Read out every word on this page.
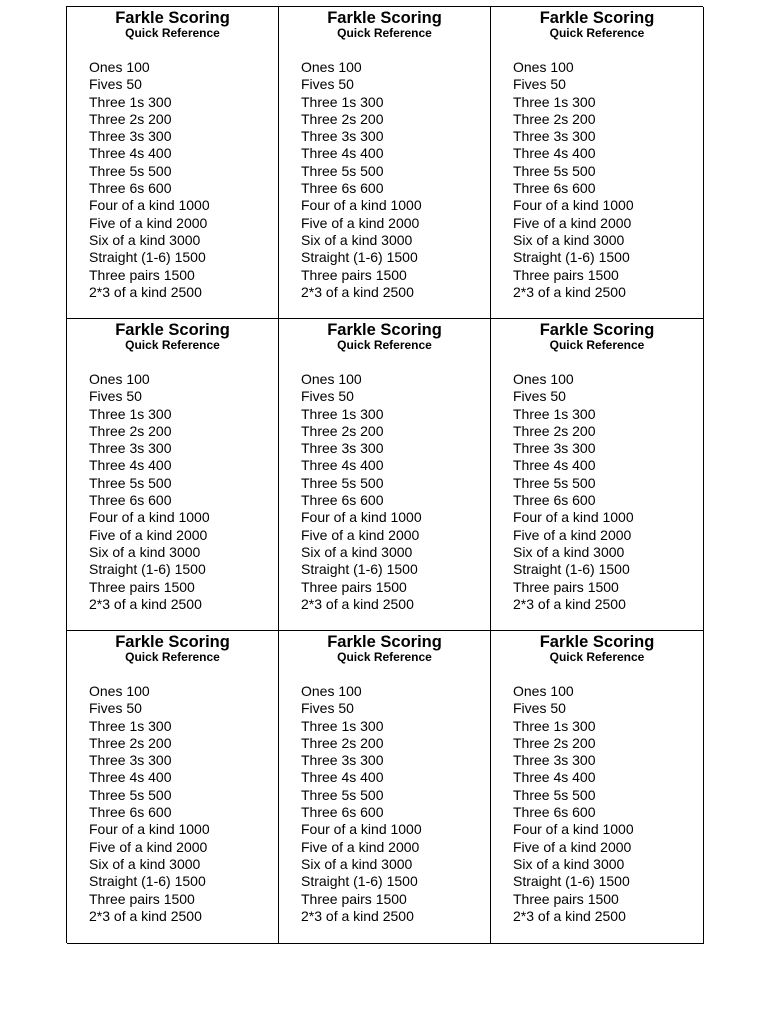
Farkle Scoring
Quick Reference
Ones 100
Fives 50
Three 1s 300
Three 2s 200
Three 3s 300
Three 4s 400
Three 5s 500
Three 6s 600
Four of a kind 1000
Five of a kind 2000
Six of a kind 3000
Straight (1-6) 1500
Three pairs 1500
2*3 of a kind 2500
Farkle Scoring
Quick Reference
Ones 100
Fives 50
Three 1s 300
Three 2s 200
Three 3s 300
Three 4s 400
Three 5s 500
Three 6s 600
Four of a kind 1000
Five of a kind 2000
Six of a kind 3000
Straight (1-6) 1500
Three pairs 1500
2*3 of a kind 2500
Farkle Scoring
Quick Reference
Ones 100
Fives 50
Three 1s 300
Three 2s 200
Three 3s 300
Three 4s 400
Three 5s 500
Three 6s 600
Four of a kind 1000
Five of a kind 2000
Six of a kind 3000
Straight (1-6) 1500
Three pairs 1500
2*3 of a kind 2500
Farkle Scoring
Quick Reference
Ones 100
Fives 50
Three 1s 300
Three 2s 200
Three 3s 300
Three 4s 400
Three 5s 500
Three 6s 600
Four of a kind 1000
Five of a kind 2000
Six of a kind 3000
Straight (1-6) 1500
Three pairs 1500
2*3 of a kind 2500
Farkle Scoring
Quick Reference
Ones 100
Fives 50
Three 1s 300
Three 2s 200
Three 3s 300
Three 4s 400
Three 5s 500
Three 6s 600
Four of a kind 1000
Five of a kind 2000
Six of a kind 3000
Straight (1-6) 1500
Three pairs 1500
2*3 of a kind 2500
Farkle Scoring
Quick Reference
Ones 100
Fives 50
Three 1s 300
Three 2s 200
Three 3s 300
Three 4s 400
Three 5s 500
Three 6s 600
Four of a kind 1000
Five of a kind 2000
Six of a kind 3000
Straight (1-6) 1500
Three pairs 1500
2*3 of a kind 2500
Farkle Scoring
Quick Reference
Ones 100
Fives 50
Three 1s 300
Three 2s 200
Three 3s 300
Three 4s 400
Three 5s 500
Three 6s 600
Four of a kind 1000
Five of a kind 2000
Six of a kind 3000
Straight (1-6) 1500
Three pairs 1500
2*3 of a kind 2500
Farkle Scoring
Quick Reference
Ones 100
Fives 50
Three 1s 300
Three 2s 200
Three 3s 300
Three 4s 400
Three 5s 500
Three 6s 600
Four of a kind 1000
Five of a kind 2000
Six of a kind 3000
Straight (1-6) 1500
Three pairs 1500
2*3 of a kind 2500
Farkle Scoring
Quick Reference
Ones 100
Fives 50
Three 1s 300
Three 2s 200
Three 3s 300
Three 4s 400
Three 5s 500
Three 6s 600
Four of a kind 1000
Five of a kind 2000
Six of a kind 3000
Straight (1-6) 1500
Three pairs 1500
2*3 of a kind 2500
